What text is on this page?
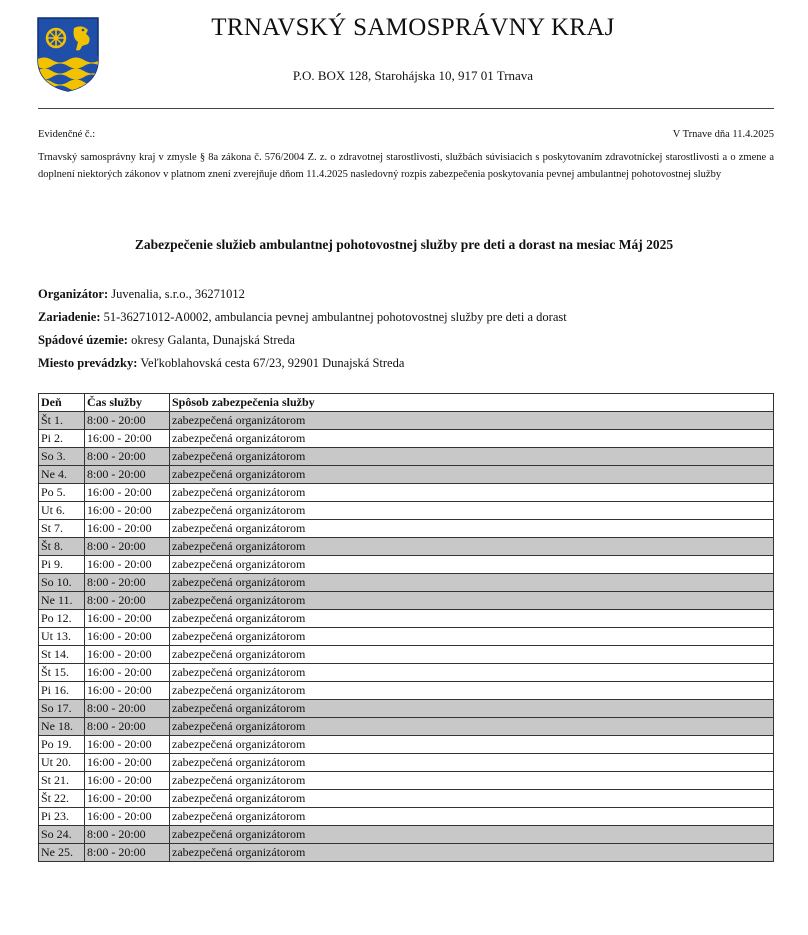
TRNAVSKÝ SAMOSPRÁVNY KRAJ
P.O. BOX 128, Starohájska 10, 917 01 Trnava
Evidenčné č.:	V Trnave dňa 11.4.2025
Trnavský samosprávny kraj v zmysle § 8a zákona č. 576/2004 Z. z. o zdravotnej starostlivosti, službách súvisiacich s poskytovaním zdravotníckej starostlivosti a o zmene a doplnení niektorých zákonov v platnom znení zverejňuje dňom 11.4.2025 nasledovný rozpis zabezpečenia poskytovania pevnej ambulantnej pohotovostnej služby
Zabezpečenie služieb ambulantnej pohotovostnej služby pre deti a dorast na mesiac Máj 2025
Organizátor: Juvenalia, s.r.o., 36271012
Zariadenie: 51-36271012-A0002, ambulancia pevnej ambulantnej pohotovostnej služby pre deti a dorast
Spádové územie: okresy Galanta, Dunajská Streda
Miesto prevádzky: Veľkoblahovská cesta 67/23, 92901 Dunajská Streda
Deň	Čas služby	Spôsob zabezpečenia služby
Št 1.	8:00 - 20:00	zabezpečená organizátorom
Pi 2.	16:00 - 20:00	zabezpečená organizátorom
So 3.	8:00 - 20:00	zabezpečená organizátorom
Ne 4.	8:00 - 20:00	zabezpečená organizátorom
Po 5.	16:00 - 20:00	zabezpečená organizátorom
Ut 6.	16:00 - 20:00	zabezpečená organizátorom
St 7.	16:00 - 20:00	zabezpečená organizátorom
Št 8.	8:00 - 20:00	zabezpečená organizátorom
Pi 9.	16:00 - 20:00	zabezpečená organizátorom
So 10.	8:00 - 20:00	zabezpečená organizátorom
Ne 11.	8:00 - 20:00	zabezpečená organizátorom
Po 12.	16:00 - 20:00	zabezpečená organizátorom
Ut 13.	16:00 - 20:00	zabezpečená organizátorom
St 14.	16:00 - 20:00	zabezpečená organizátorom
Št 15.	16:00 - 20:00	zabezpečená organizátorom
Pi 16.	16:00 - 20:00	zabezpečená organizátorom
So 17.	8:00 - 20:00	zabezpečená organizátorom
Ne 18.	8:00 - 20:00	zabezpečená organizátorom
Po 19.	16:00 - 20:00	zabezpečená organizátorom
Ut 20.	16:00 - 20:00	zabezpečená organizátorom
St 21.	16:00 - 20:00	zabezpečená organizátorom
Št 22.	16:00 - 20:00	zabezpečená organizátorom
Pi 23.	16:00 - 20:00	zabezpečená organizátorom
So 24.	8:00 - 20:00	zabezpečená organizátorom
Ne 25.	8:00 - 20:00	zabezpečená organizátorom
